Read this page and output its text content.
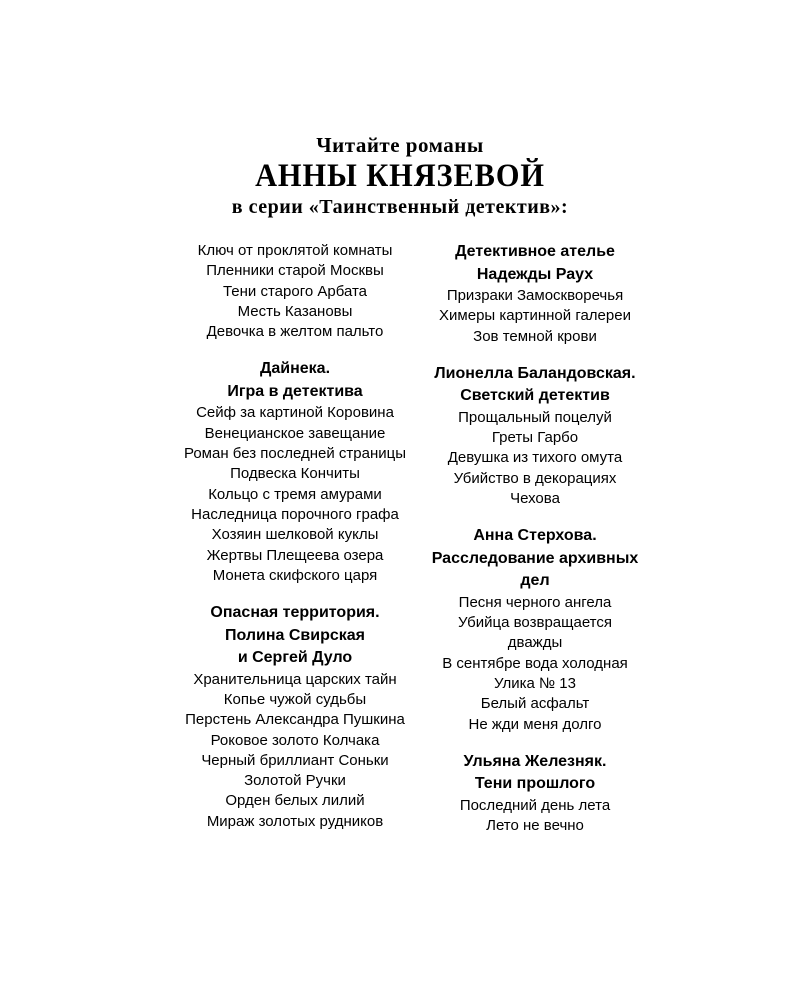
Читайте романы
АННЫ КНЯЗЕВОЙ
в серии «Таинственный детектив»:
Ключ от проклятой комнаты
Пленники старой Москвы
Тени старого Арбата
Месть Казановы
Девочка в желтом пальто
Дайнека.
Игра в детектива
Сейф за картиной Коровина
Венецианское завещание
Роман без последней страницы
Подвеска Кончиты
Кольцо с тремя амурами
Наследница порочного графа
Хозяин шелковой куклы
Жертвы Плещеева озера
Монета скифского царя
Опасная территория.
Полина Свирская
и Сергей Дуло
Хранительница царских тайн
Копье чужой судьбы
Перстень Александра Пушкина
Роковое золото Колчака
Черный бриллиант Соньки
Золотой Ручки
Орден белых лилий
Мираж золотых рудников
Детективное ателье
Надежды Раух
Призраки Замоскворечья
Химеры картинной галереи
Зов темной крови
Лионелла Баландовская.
Светский детектив
Прощальный поцелуй
Греты Гарбо
Девушка из тихого омута
Убийство в декорациях
Чехова
Анна Стерхова.
Расследование архивных
дел
Песня черного ангела
Убийца возвращается
дважды
В сентябре вода холодная
Улика № 13
Белый асфальт
Не жди меня долго
Ульяна Железняк.
Тени прошлого
Последний день лета
Лето не вечно
